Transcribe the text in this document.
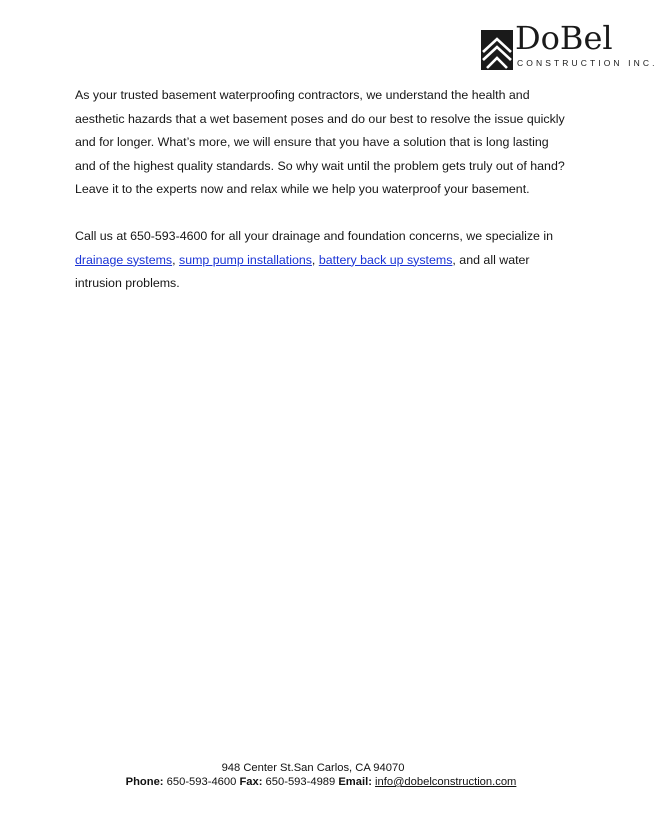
DoBel
CONSTRUCTION INC.

As your trusted basement waterproofing contractors, we understand the health and aesthetic hazards that a wet basement poses and do our best to resolve the issue quickly and for longer. What’s more, we will ensure that you have a solution that is long lasting and of the highest quality standards. So why wait until the problem gets truly out of hand? Leave it to the experts now and relax while we help you waterproof your basement.

Call us at 650-593-4600 for all your drainage and foundation concerns, we specialize in drainage systems, sump pump installations, battery back up systems, and all water intrusion problems.

948 Center St.San Carlos, CA 94070
Phone: 650-593-4600 Fax: 650-593-4989 Email: info@dobelconstruction.com
